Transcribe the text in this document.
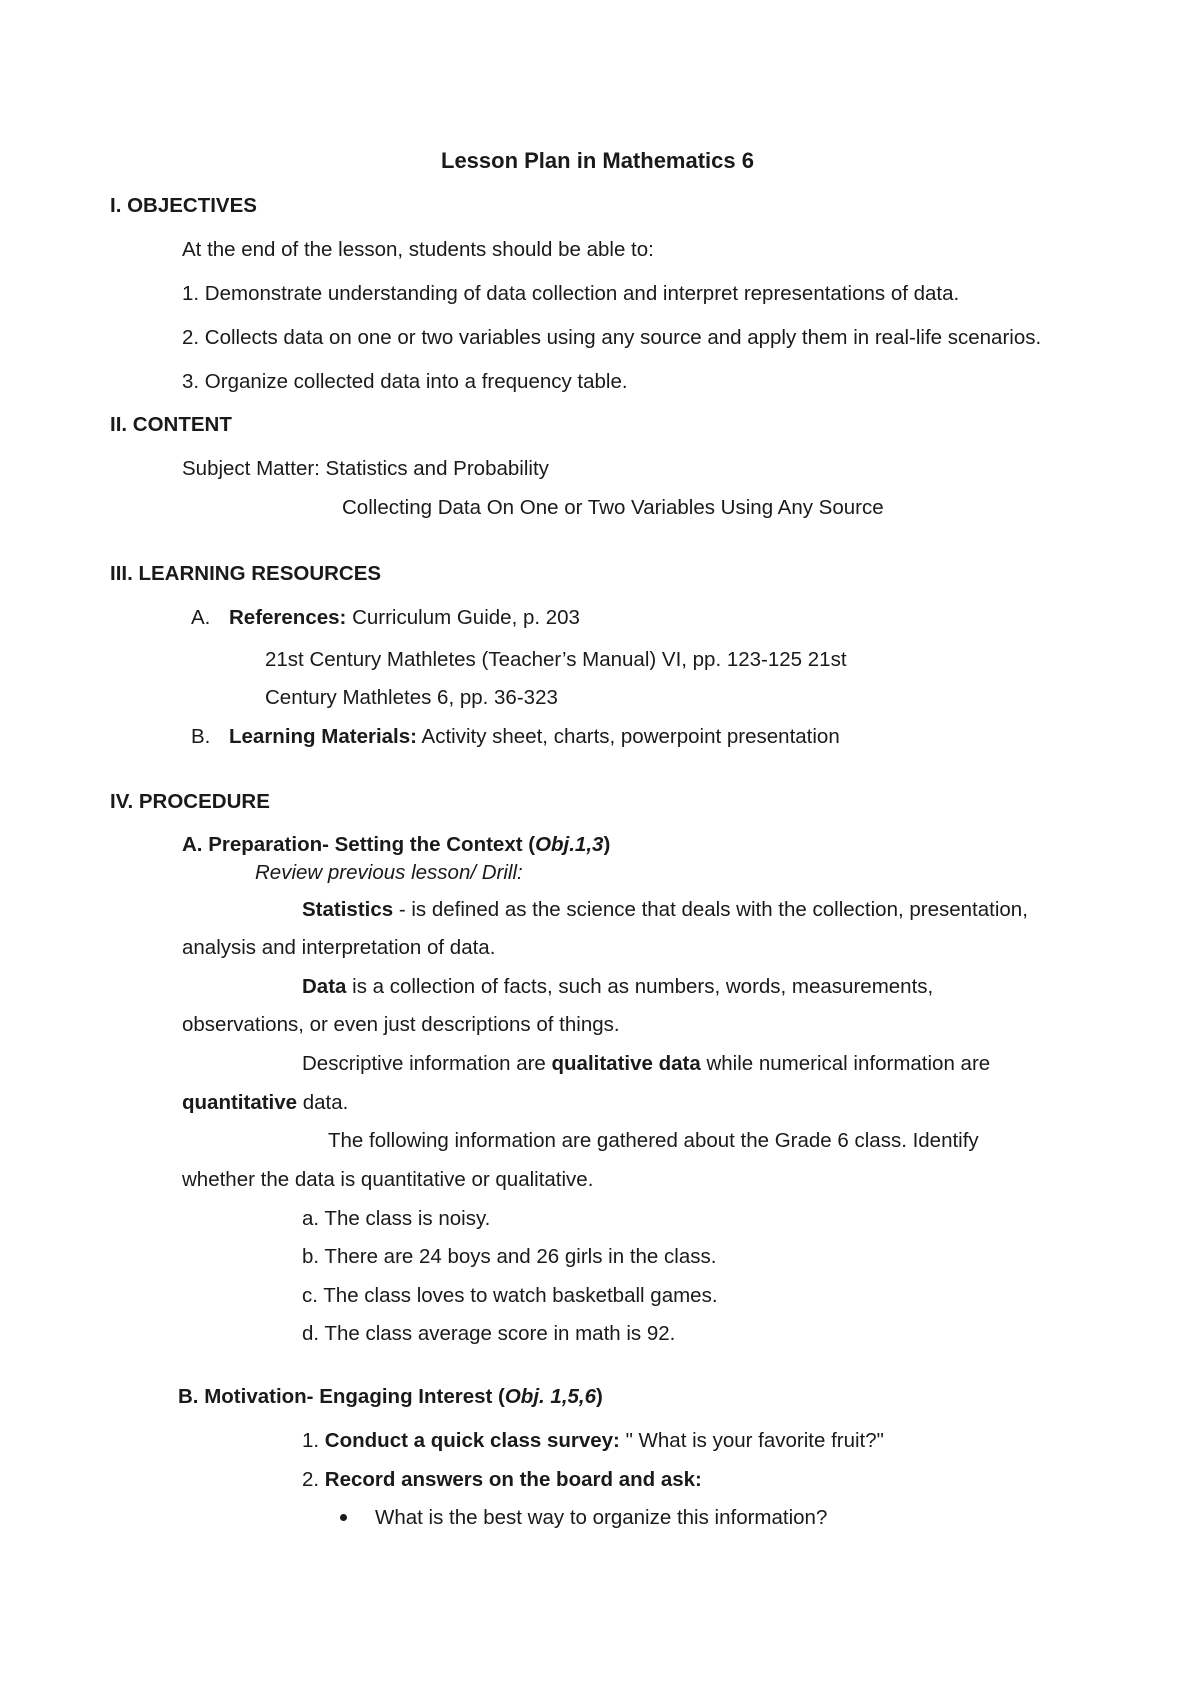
Lesson Plan in Mathematics 6
I. OBJECTIVES
At the end of the lesson, students should be able to:
1. Demonstrate understanding of data collection and interpret representations of data.
2. Collects data on one or two variables using any source and apply them in real-life scenarios.
3. Organize collected data into a frequency table.
II. CONTENT
Subject Matter: Statistics and Probability
Collecting Data On One or Two Variables Using Any Source
III. LEARNING RESOURCES
A. References: Curriculum Guide, p. 203
21st Century Mathletes (Teacher’s Manual) VI, pp. 123-125 21st
Century Mathletes 6, pp. 36-323
B. Learning Materials: Activity sheet, charts, powerpoint presentation
IV. PROCEDURE
A. Preparation- Setting the Context (Obj.1,3)
Review previous lesson/ Drill:
Statistics - is defined as the science that deals with the collection, presentation,
analysis and interpretation of data.
Data is a collection of facts, such as numbers, words, measurements,
observations, or even just descriptions of things.
Descriptive information are qualitative data while numerical information are
quantitative data.
The following information are gathered about the Grade 6 class. Identify
whether the data is quantitative or qualitative.
a. The class is noisy.
b. There are 24 boys and 26 girls in the class.
c. The class loves to watch basketball games.
d. The class average score in math is 92.
B. Motivation- Engaging Interest (Obj. 1,5,6)
1. Conduct a quick class survey: " What is your favorite fruit?"
2. Record answers on the board and ask:
What is the best way to organize this information?
